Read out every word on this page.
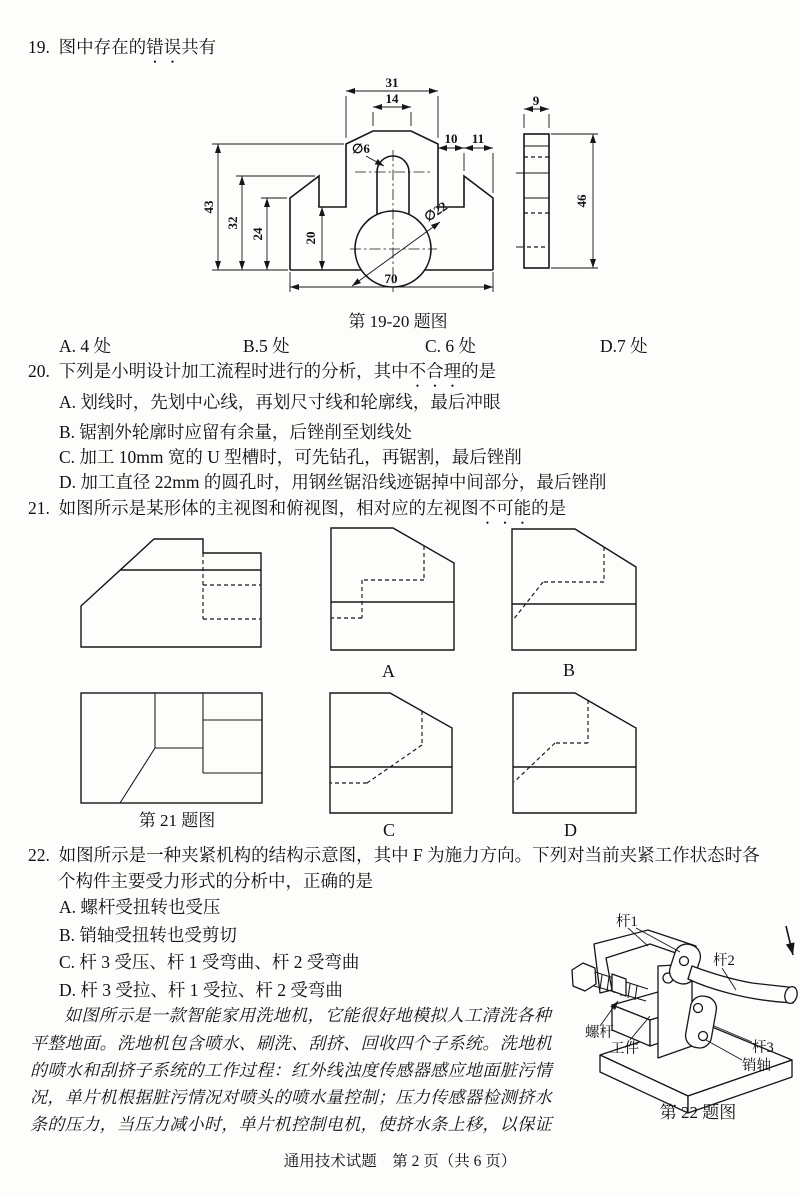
31
14
∅6
10 11
43
32
24	20
70
∅22
9
46
杆1
杆2
螺杆
工件	杆3
销轴
19. 图中存在的错误共有
第 19-20 题图
A. 4 处	B.5 处	C. 6 处	D.7 处
20. 下列是小明设计加工流程时进行的分析，其中不合理的是
A. 划线时，先划中心线，再划尺寸线和轮廓线，最后冲眼
B. 锯割外轮廓时应留有余量，后锉削至划线处
C. 加工 10mm 宽的 U 型槽时，可先钻孔，再锯割，最后锉削
D. 加工直径 22mm 的圆孔时，用钢丝锯沿线迹锯掉中间部分，最后锉削
21. 如图所示是某形体的主视图和俯视图，相对应的左视图不可能的是
A	B
C	D
第 21 题图
22. 如图所示是一种夹紧机构的结构示意图，其中 F 为施力方向。下列对当前夹紧工作状态时各
个构件主要受力形式的分析中，正确的是
A. 螺杆受扭转也受压
B. 销轴受扭转也受剪切
C. 杆 3 受压、杆 1 受弯曲、杆 2 受弯曲
D. 杆 3 受拉、杆 1 受拉、杆 2 受弯曲
第 22 题图
如图所示是一款智能家用洗地机，它能很好地模拟人工清洗各种
平整地面。洗地机包含喷水、刷洗、刮挤、回收四个子系统。洗地机
的喷水和刮挤子系统的工作过程：红外线浊度传感器感应地面脏污情
况，单片机根据脏污情况对喷头的喷水量控制；压力传感器检测挤水
条的压力，当压力减小时，单片机控制电机，使挤水条上移，以保证
通用技术试题　第 2 页（共 6 页）
